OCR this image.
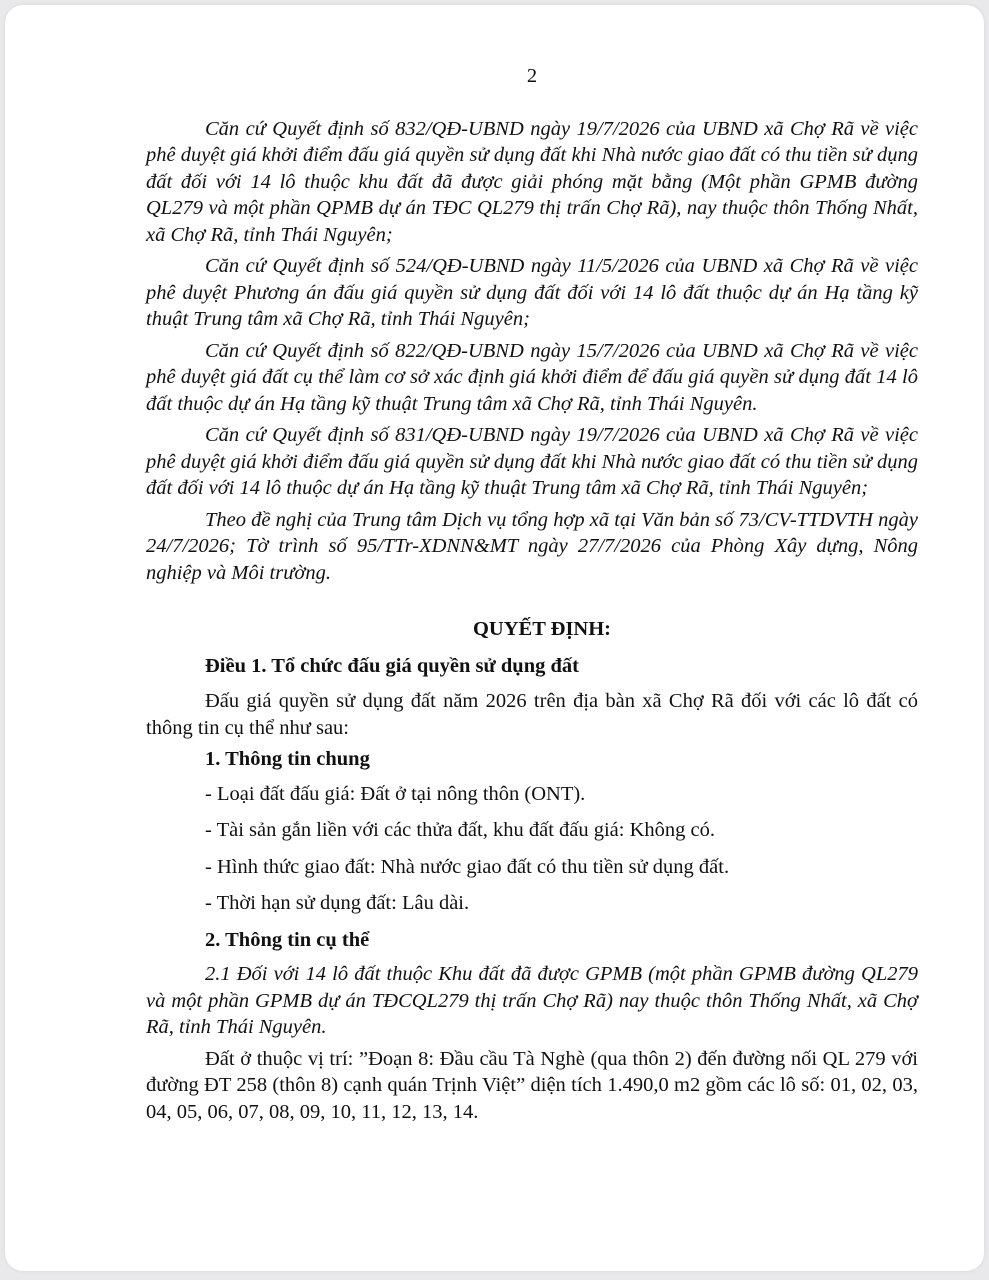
2

Căn cứ Quyết định số 832/QĐ-UBND ngày 19/7/2026 của UBND xã Chợ Rã về việc phê duyệt giá khởi điểm đấu giá quyền sử dụng đất khi Nhà nước giao đất có thu tiền sử dụng đất đối với 14 lô thuộc khu đất đã được giải phóng mặt bằng (Một phần GPMB đường QL279 và một phần QPMB dự án TĐC QL279 thị trấn Chợ Rã), nay thuộc thôn Thống Nhất, xã Chợ Rã, tỉnh Thái Nguyên;

Căn cứ Quyết định số 524/QĐ-UBND ngày 11/5/2026 của UBND xã Chợ Rã về việc phê duyệt Phương án đấu giá quyền sử dụng đất đối với 14 lô đất thuộc dự án Hạ tầng kỹ thuật Trung tâm xã Chợ Rã, tỉnh Thái Nguyên;

Căn cứ Quyết định số 822/QĐ-UBND ngày 15/7/2026 của UBND xã Chợ Rã về việc phê duyệt giá đất cụ thể làm cơ sở xác định giá khởi điểm để đấu giá quyền sử dụng đất 14 lô đất thuộc dự án Hạ tầng kỹ thuật Trung tâm xã Chợ Rã, tỉnh Thái Nguyên.

Căn cứ Quyết định số 831/QĐ-UBND ngày 19/7/2026 của UBND xã Chợ Rã về việc phê duyệt giá khởi điểm đấu giá quyền sử dụng đất khi Nhà nước giao đất có thu tiền sử dụng đất đối với 14 lô thuộc dự án Hạ tầng kỹ thuật Trung tâm xã Chợ Rã, tỉnh Thái Nguyên;

Theo đề nghị của Trung tâm Dịch vụ tổng hợp xã tại Văn bản số 73/CV-TTDVTH ngày 24/7/2026; Tờ trình số 95/TTr-XDNN&MT ngày 27/7/2026 của Phòng Xây dựng, Nông nghiệp và Môi trường.

QUYẾT ĐỊNH:

Điều 1. Tổ chức đấu giá quyền sử dụng đất

Đấu giá quyền sử dụng đất năm 2026 trên địa bàn xã Chợ Rã đối với các lô đất có thông tin cụ thể như sau:

1. Thông tin chung

- Loại đất đấu giá: Đất ở tại nông thôn (ONT).

- Tài sản gắn liền với các thửa đất, khu đất đấu giá: Không có.

- Hình thức giao đất: Nhà nước giao đất có thu tiền sử dụng đất.

- Thời hạn sử dụng đất: Lâu dài.

2. Thông tin cụ thể

2.1 Đối với 14 lô đất thuộc Khu đất đã được GPMB (một phần GPMB đường QL279 và một phần GPMB dự án TĐCQL279 thị trấn Chợ Rã) nay thuộc thôn Thống Nhất, xã Chợ Rã, tỉnh Thái Nguyên.

Đất ở thuộc vị trí: ”Đoạn 8: Đầu cầu Tà Nghè (qua thôn 2) đến đường nối QL 279 với đường ĐT 258 (thôn 8) cạnh quán Trịnh Việt” diện tích 1.490,0 m2 gồm các lô số: 01, 02, 03, 04, 05, 06, 07, 08, 09, 10, 11, 12, 13, 14.
